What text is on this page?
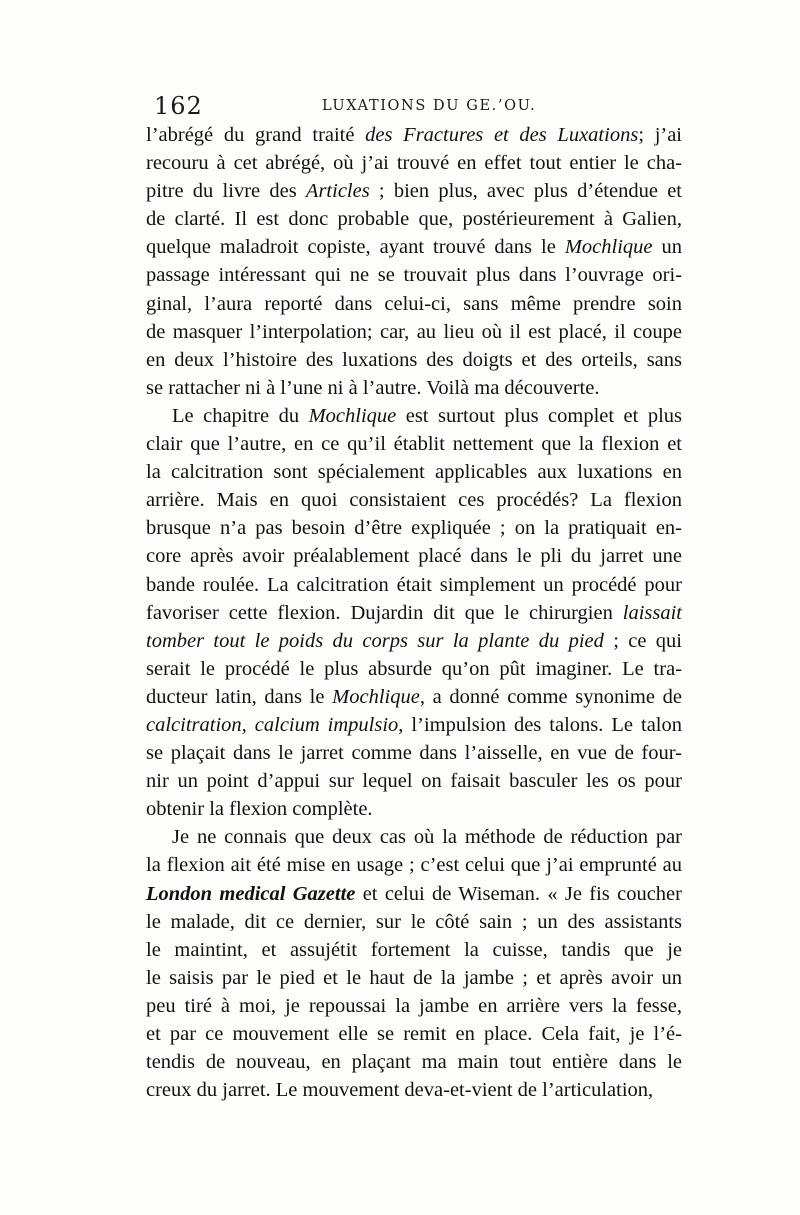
162	LUXATIONS DU GE.’OU.
l’abrégé du grand traité des Fractures et des Luxations; j’ai
recouru à cet abrégé, où j’ai trouvé en effet tout entier le cha-
pitre du livre des Articles ; bien plus, avec plus d’étendue et
de clarté. Il est donc probable que, postérieurement à Galien,
quelque maladroit copiste, ayant trouvé dans le Mochlique un
passage intéressant qui ne se trouvait plus dans l’ouvrage ori-
ginal, l’aura reporté dans celui-ci, sans même prendre soin
de masquer l’interpolation; car, au lieu où il est placé, il coupe
en deux l’histoire des luxations des doigts et des orteils, sans
se rattacher ni à l’une ni à l’autre. Voilà ma découverte.
Le chapitre du Mochlique est surtout plus complet et plus
clair que l’autre, en ce qu’il établit nettement que la flexion et
la calcitration sont spécialement applicables aux luxations en
arrière. Mais en quoi consistaient ces procédés? La flexion
brusque n’a pas besoin d’être expliquée ; on la pratiquait en-
core après avoir préalablement placé dans le pli du jarret une
bande roulée. La calcitration était simplement un procédé pour
favoriser cette flexion. Dujardin dit que le chirurgien laissait
tomber tout le poids du corps sur la plante du pied ; ce qui
serait le procédé le plus absurde qu’on pût imaginer. Le tra-
ducteur latin, dans le Mochlique, a donné comme synonime de
calcitration, calcium impulsio, l’impulsion des talons. Le talon
se plaçait dans le jarret comme dans l’aisselle, en vue de four-
nir un point d’appui sur lequel on faisait basculer les os pour
obtenir la flexion complète.
Je ne connais que deux cas où la méthode de réduction par
la flexion ait été mise en usage ; c’est celui que j’ai emprunté au
London medical Gazette et celui de Wiseman. « Je fis coucher
le malade, dit ce dernier, sur le côté sain ; un des assistants
le maintint, et assujétit fortement la cuisse, tandis que je
le saisis par le pied et le haut de la jambe ; et après avoir un
peu tiré à moi, je repoussai la jambe en arrière vers la fesse,
et par ce mouvement elle se remit en place. Cela fait, je l’é-
tendis de nouveau, en plaçant ma main tout entière dans le
creux du jarret. Le mouvement deva-et-vient de l’articulation,
